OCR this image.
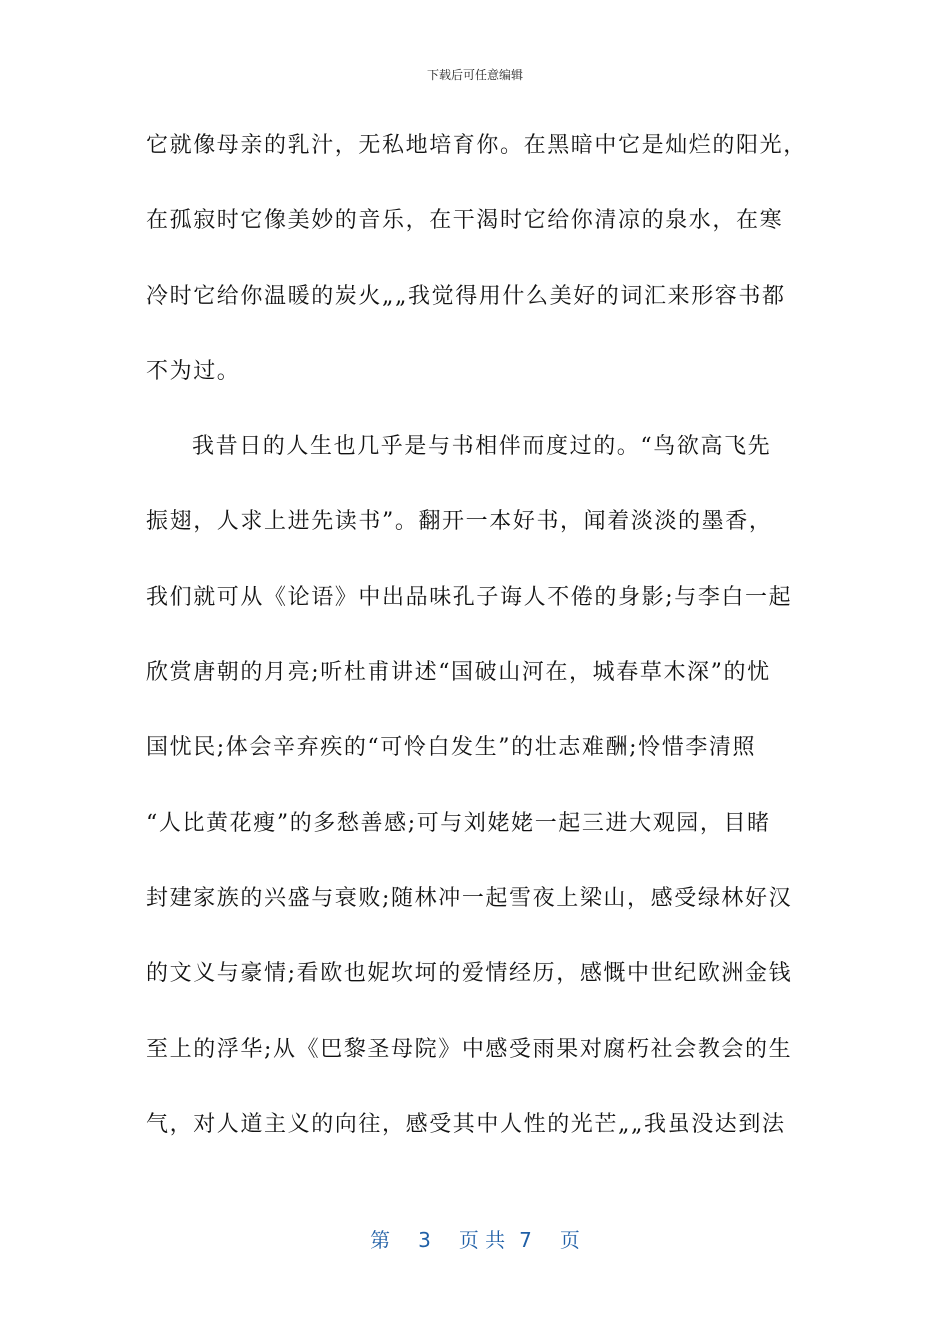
下载后可任意编辑
它就像母亲的乳汁，无私地培育你。在黑暗中它是灿烂的阳光，
在孤寂时它像美妙的音乐，在干渴时它给你清凉的泉水，在寒
冷时它给你温暖的炭火„„我觉得用什么美好的词汇来形容书都
不为过。
我昔日的人生也几乎是与书相伴而度过的。“鸟欲高飞先
振翅，人求上进先读书”。翻开一本好书，闻着淡淡的墨香，
我们就可从《论语》中出品味孔子诲人不倦的身影;与李白一起
欣赏唐朝的月亮;听杜甫讲述“国破山河在，城春草木深”的忧
国忧民;体会辛弃疾的“可怜白发生”的壮志难酬;怜惜李清照
“人比黄花瘦”的多愁善感;可与刘姥姥一起三进大观园，目睹
封建家族的兴盛与衰败;随林冲一起雪夜上梁山，感受绿林好汉
的文义与豪情;看欧也妮坎坷的爱情经历，感慨中世纪欧洲金钱
至上的浮华;从《巴黎圣母院》中感受雨果对腐朽社会教会的生
气，对人道主义的向往，感受其中人性的光芒„„我虽没达到法
第 3 页 共 7 页
